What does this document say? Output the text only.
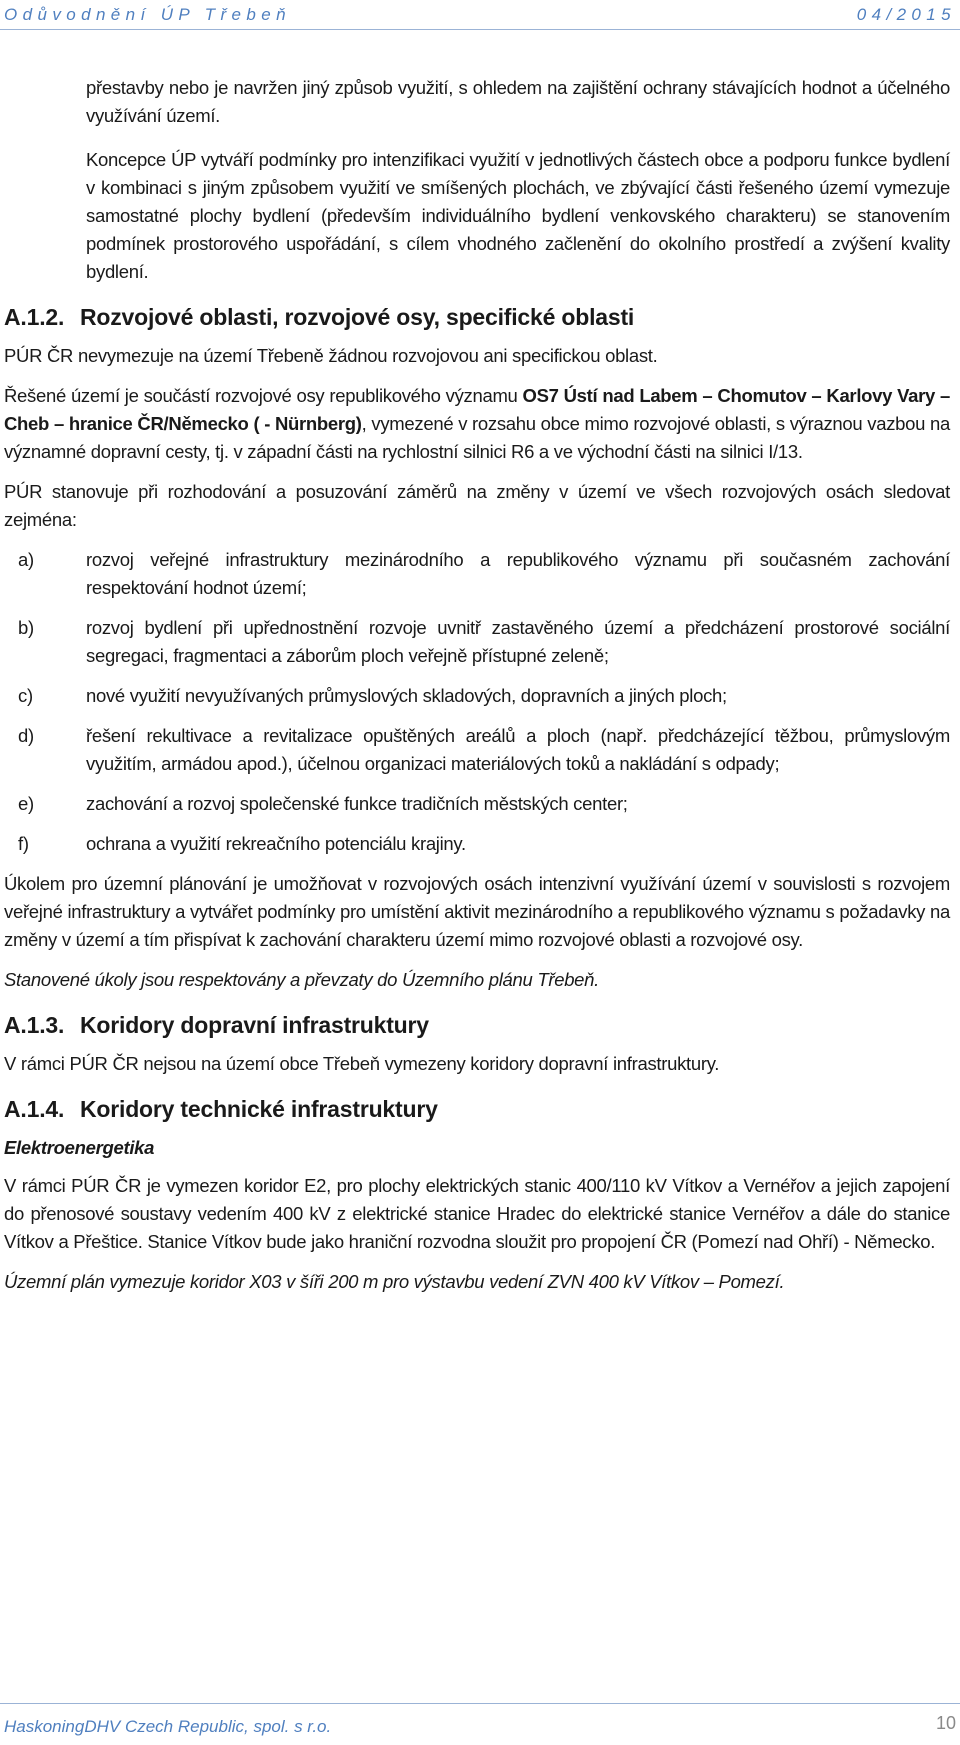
Odůvodnění ÚP Třebeň	04/2015

přestavby nebo je navržen jiný způsob využití, s ohledem na zajištění ochrany stávajících hodnot a účelného využívání území.

Koncepce ÚP vytváří podmínky pro intenzifikaci využití v jednotlivých částech obce a podporu funkce bydlení v kombinaci s jiným způsobem využití ve smíšených plochách, ve zbývající části řešeného území vymezuje samostatné plochy bydlení (především individuálního bydlení venkovského charakteru) se stanovením podmínek prostorového uspořádání, s cílem vhodného začlenění do okolního prostředí a zvýšení kvality bydlení.

A.1.2. Rozvojové oblasti, rozvojové osy, specifické oblasti

PÚR ČR nevymezuje na území Třebeně žádnou rozvojovou ani specifickou oblast.

Řešené území je součástí rozvojové osy republikového významu OS7 Ústí nad Labem – Chomutov – Karlovy Vary – Cheb – hranice ČR/Německo ( - Nürnberg), vymezené v rozsahu obce mimo rozvojové oblasti, s výraznou vazbou na významné dopravní cesty, tj. v západní části na rychlostní silnici R6 a ve východní části na silnici I/13.

PÚR stanovuje při rozhodování a posuzování záměrů na změny v území ve všech rozvojových osách sledovat zejména:

a)	rozvoj veřejné infrastruktury mezinárodního a republikového významu při současném zachování respektování hodnot území;
b)	rozvoj bydlení při upřednostnění rozvoje uvnitř zastavěného území a předcházení prostorové sociální segregaci, fragmentaci a záborům ploch veřejně přístupné zeleně;
c)	nové využití nevyužívaných průmyslových skladových, dopravních a jiných ploch;
d)	řešení rekultivace a revitalizace opuštěných areálů a ploch (např. předcházející těžbou, průmyslovým využitím, armádou apod.), účelnou organizaci materiálových toků a nakládání s odpady;
e)	zachování a rozvoj společenské funkce tradičních městských center;
f)	ochrana a využití rekreačního potenciálu krajiny.

Úkolem pro územní plánování je umožňovat v rozvojových osách intenzivní využívání území v souvislosti s rozvojem veřejné infrastruktury a vytvářet podmínky pro umístění aktivit mezinárodního a republikového významu s požadavky na změny v území a tím přispívat k zachování charakteru území mimo rozvojové oblasti a rozvojové osy.

Stanovené úkoly jsou respektovány a převzaty do Územního plánu Třebeň.

A.1.3. Koridory dopravní infrastruktury

V rámci PÚR ČR nejsou na území obce Třebeň vymezeny koridory dopravní infrastruktury.

A.1.4. Koridory technické infrastruktury

Elektroenergetika

V rámci PÚR ČR je vymezen koridor E2, pro plochy elektrických stanic 400/110 kV Vítkov a Vernéřov a jejich zapojení do přenosové soustavy vedením 400 kV z elektrické stanice Hradec do elektrické stanice Vernéřov a dále do stanice Vítkov a Přeštice. Stanice Vítkov bude jako hraniční rozvodna sloužit pro propojení ČR (Pomezí nad Ohří) - Německo.

Územní plán vymezuje koridor X03 v šíři 200 m pro výstavbu vedení ZVN 400 kV Vítkov – Pomezí.

HaskoningDHV Czech Republic, spol. s r.o.	10
